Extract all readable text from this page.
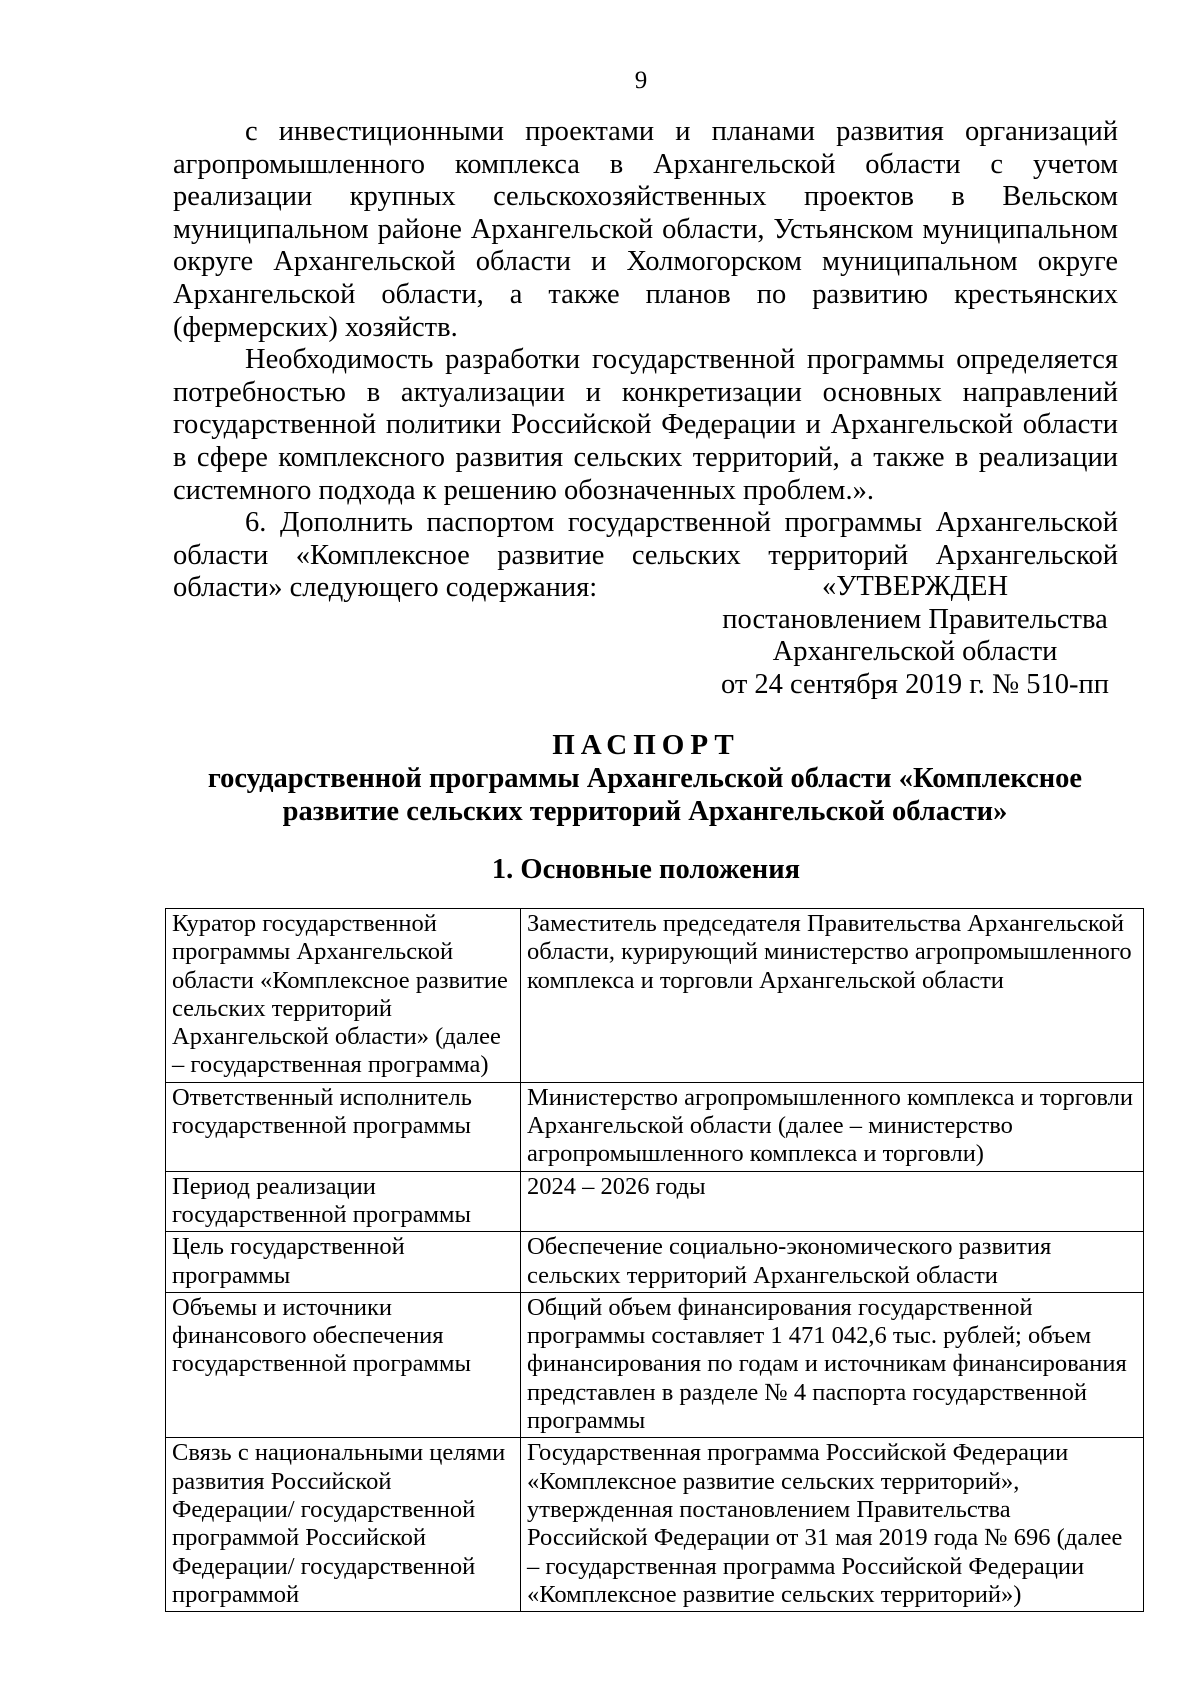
9

с инвестиционными проектами и планами развития организаций агропромышленного комплекса в Архангельской области с учетом реализации крупных сельскохозяйственных проектов в Вельском муниципальном районе Архангельской области, Устьянском муниципальном округе Архангельской области и Холмогорском муниципальном округе Архангельской области, а также планов по развитию крестьянских (фермерских) хозяйств.

Необходимость разработки государственной программы определяется потребностью в актуализации и конкретизации основных направлений государственной политики Российской Федерации и Архангельской области в сфере комплексного развития сельских территорий, а также в реализации системного подхода к решению обозначенных проблем.».

6. Дополнить паспортом государственной программы Архангельской области «Комплексное развитие сельских территорий Архангельской области» следующего содержания:	«УТВЕРЖДЕН
постановлением Правительства
Архангельской области
от 24 сентября 2019 г. № 510-пп
ПАСПОРТ
государственной программы Архангельской области «Комплексное развитие сельских территорий Архангельской области»
1. Основные положения
Куратор государственной программы Архангельской области «Комплексное развитие сельских территорий Архангельской области» (далее – государственная программа)	Заместитель председателя Правительства Архангельской области, курирующий министерство агропромышленного комплекса и торговли Архангельской области
Ответственный исполнитель государственной программы	Министерство агропромышленного комплекса и торговли Архангельской области (далее – министерство агропромышленного комплекса и торговли)
Период реализации государственной программы	2024 – 2026 годы
Цель государственной программы	Обеспечение социально-экономического развития сельских территорий Архангельской области
Объемы и источники финансового обеспечения государственной программы	Общий объем финансирования государственной программы составляет 1 471 042,6 тыс. рублей; объем финансирования по годам и источникам финансирования представлен в разделе № 4 паспорта государственной программы
Связь с национальными целями развития Российской Федерации/ государственной программой Российской Федерации/ государственной программой	Государственная программа Российской Федерации «Комплексное развитие сельских территорий», утвержденная постановлением Правительства Российской Федерации от 31 мая 2019 года № 696 (далее – государственная программа Российской Федерации «Комплексное развитие сельских территорий»)
